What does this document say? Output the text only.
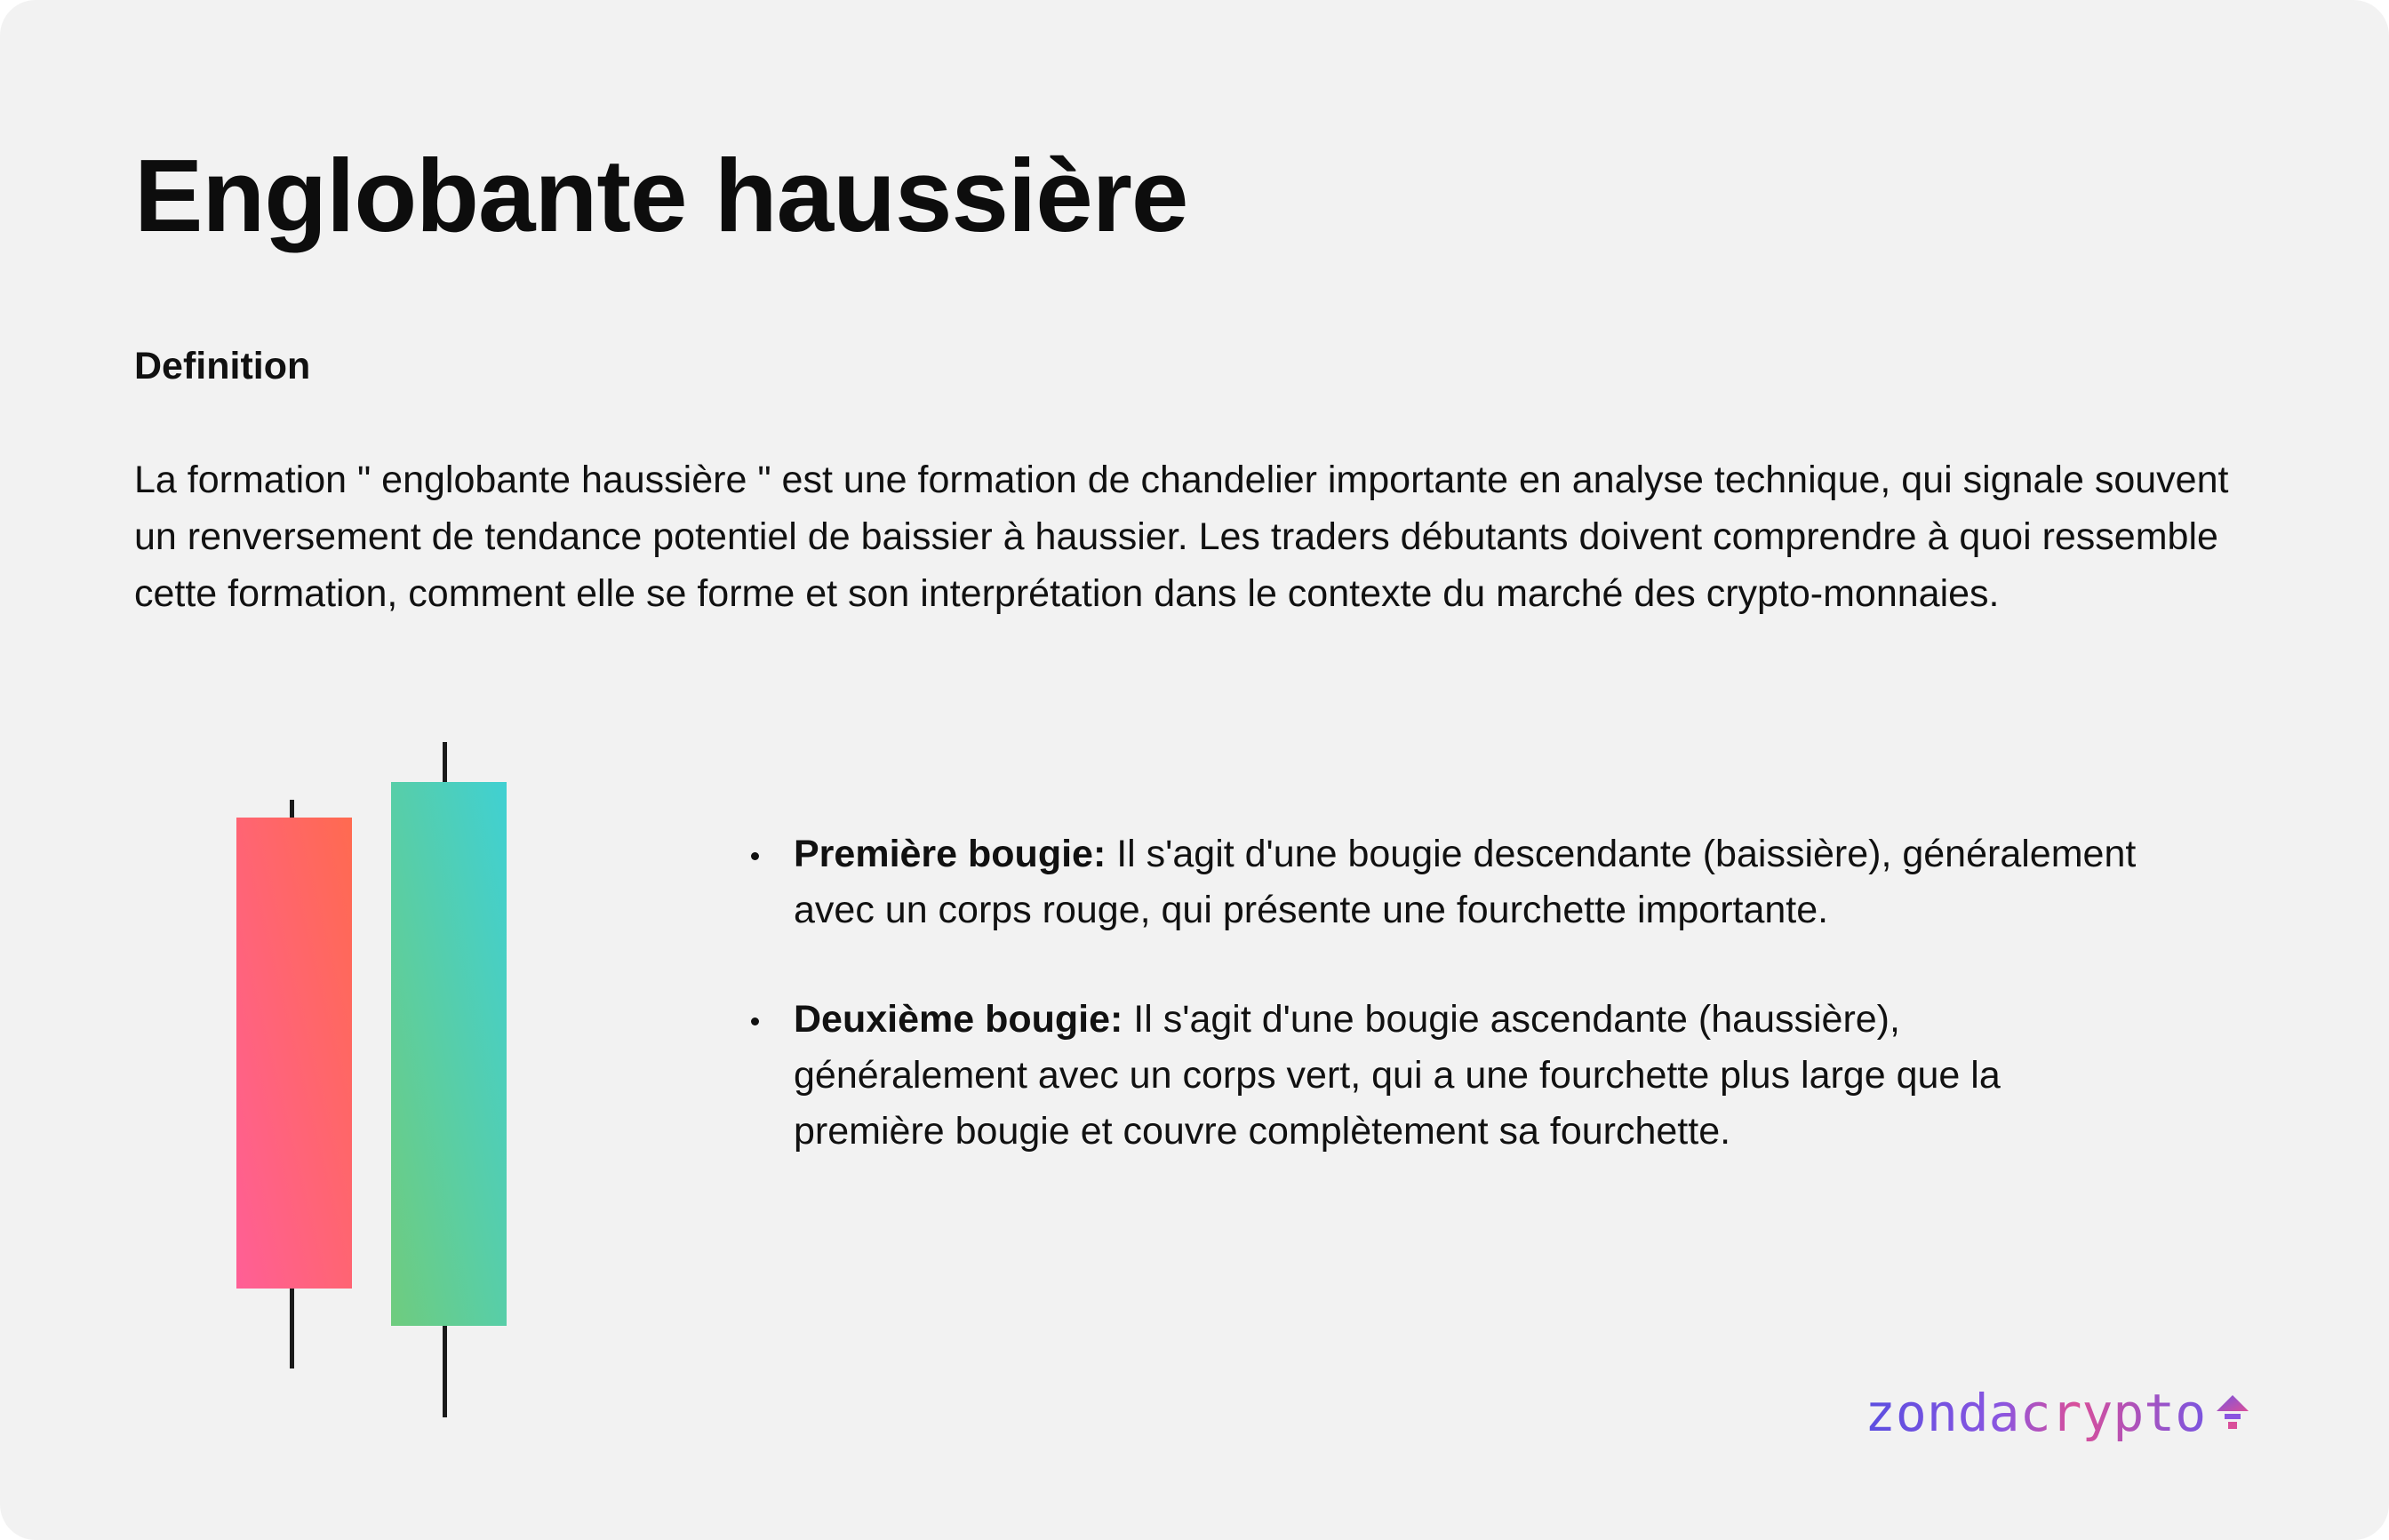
Englobante haussière
Definition

La formation " englobante haussière " est une formation de chandelier importante en analyse technique, qui signale souvent un renversement de tendance potentiel de baissier à haussier. Les traders débutants doivent comprendre à quoi ressemble cette formation, comment elle se forme et son interprétation dans le contexte du marché des crypto-monnaies.

Première bougie: Il s'agit d'une bougie descendante (baissière), généralement avec un corps rouge, qui présente une fourchette importante.
Deuxième bougie: Il s'agit d'une bougie ascendante (haussière), généralement avec un corps vert, qui a une fourchette plus large que la première bougie et couvre complètement sa fourchette.
zondacrypto
